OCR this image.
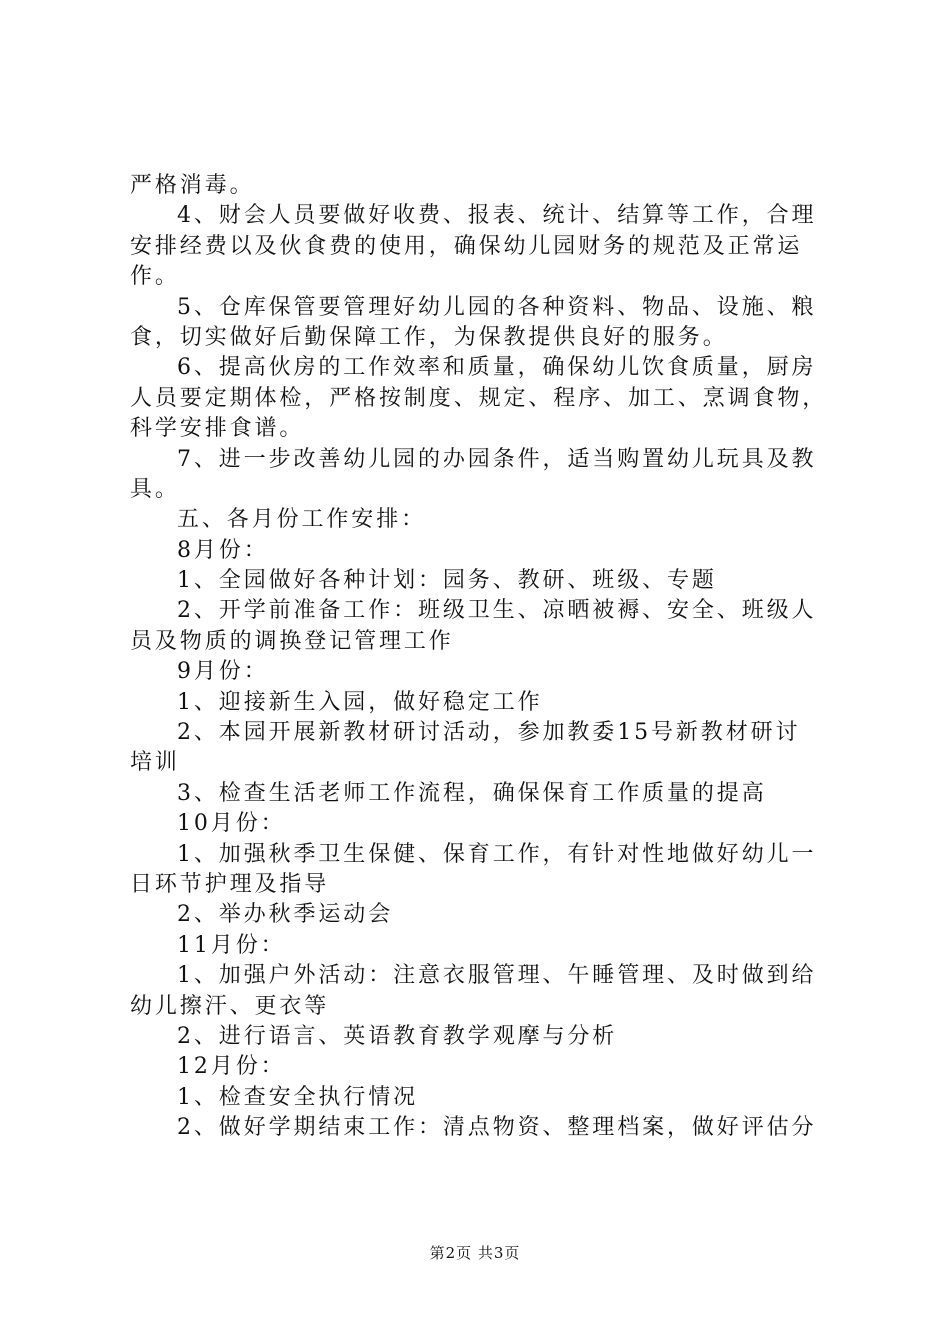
严格消毒。
4、财会人员要做好收费、报表、统计、结算等工作，合理
安排经费以及伙食费的使用，确保幼儿园财务的规范及正常运
作。
5、仓库保管要管理好幼儿园的各种资料、物品、设施、粮
食，切实做好后勤保障工作，为保教提供良好的服务。
6、提高伙房的工作效率和质量，确保幼儿饮食质量，厨房
人员要定期体检，严格按制度、规定、程序、加工、烹调食物，
科学安排食谱。
7、进一步改善幼儿园的办园条件，适当购置幼儿玩具及教
具。
五、各月份工作安排：
8月份：
1、全园做好各种计划：园务、教研、班级、专题
2、开学前准备工作：班级卫生、凉晒被褥、安全、班级人
员及物质的调换登记管理工作
9月份：
1、迎接新生入园，做好稳定工作
2、本园开展新教材研讨活动，参加教委15号新教材研讨
培训
3、检查生活老师工作流程，确保保育工作质量的提高
10月份：
1、加强秋季卫生保健、保育工作，有针对性地做好幼儿一
日环节护理及指导
2、举办秋季运动会
11月份：
1、加强户外活动：注意衣服管理、午睡管理、及时做到给
幼儿擦汗、更衣等
2、进行语言、英语教育教学观摩与分析
12月份：
1、检查安全执行情况
2、做好学期结束工作：清点物资、整理档案，做好评估分
第2页 共3页
